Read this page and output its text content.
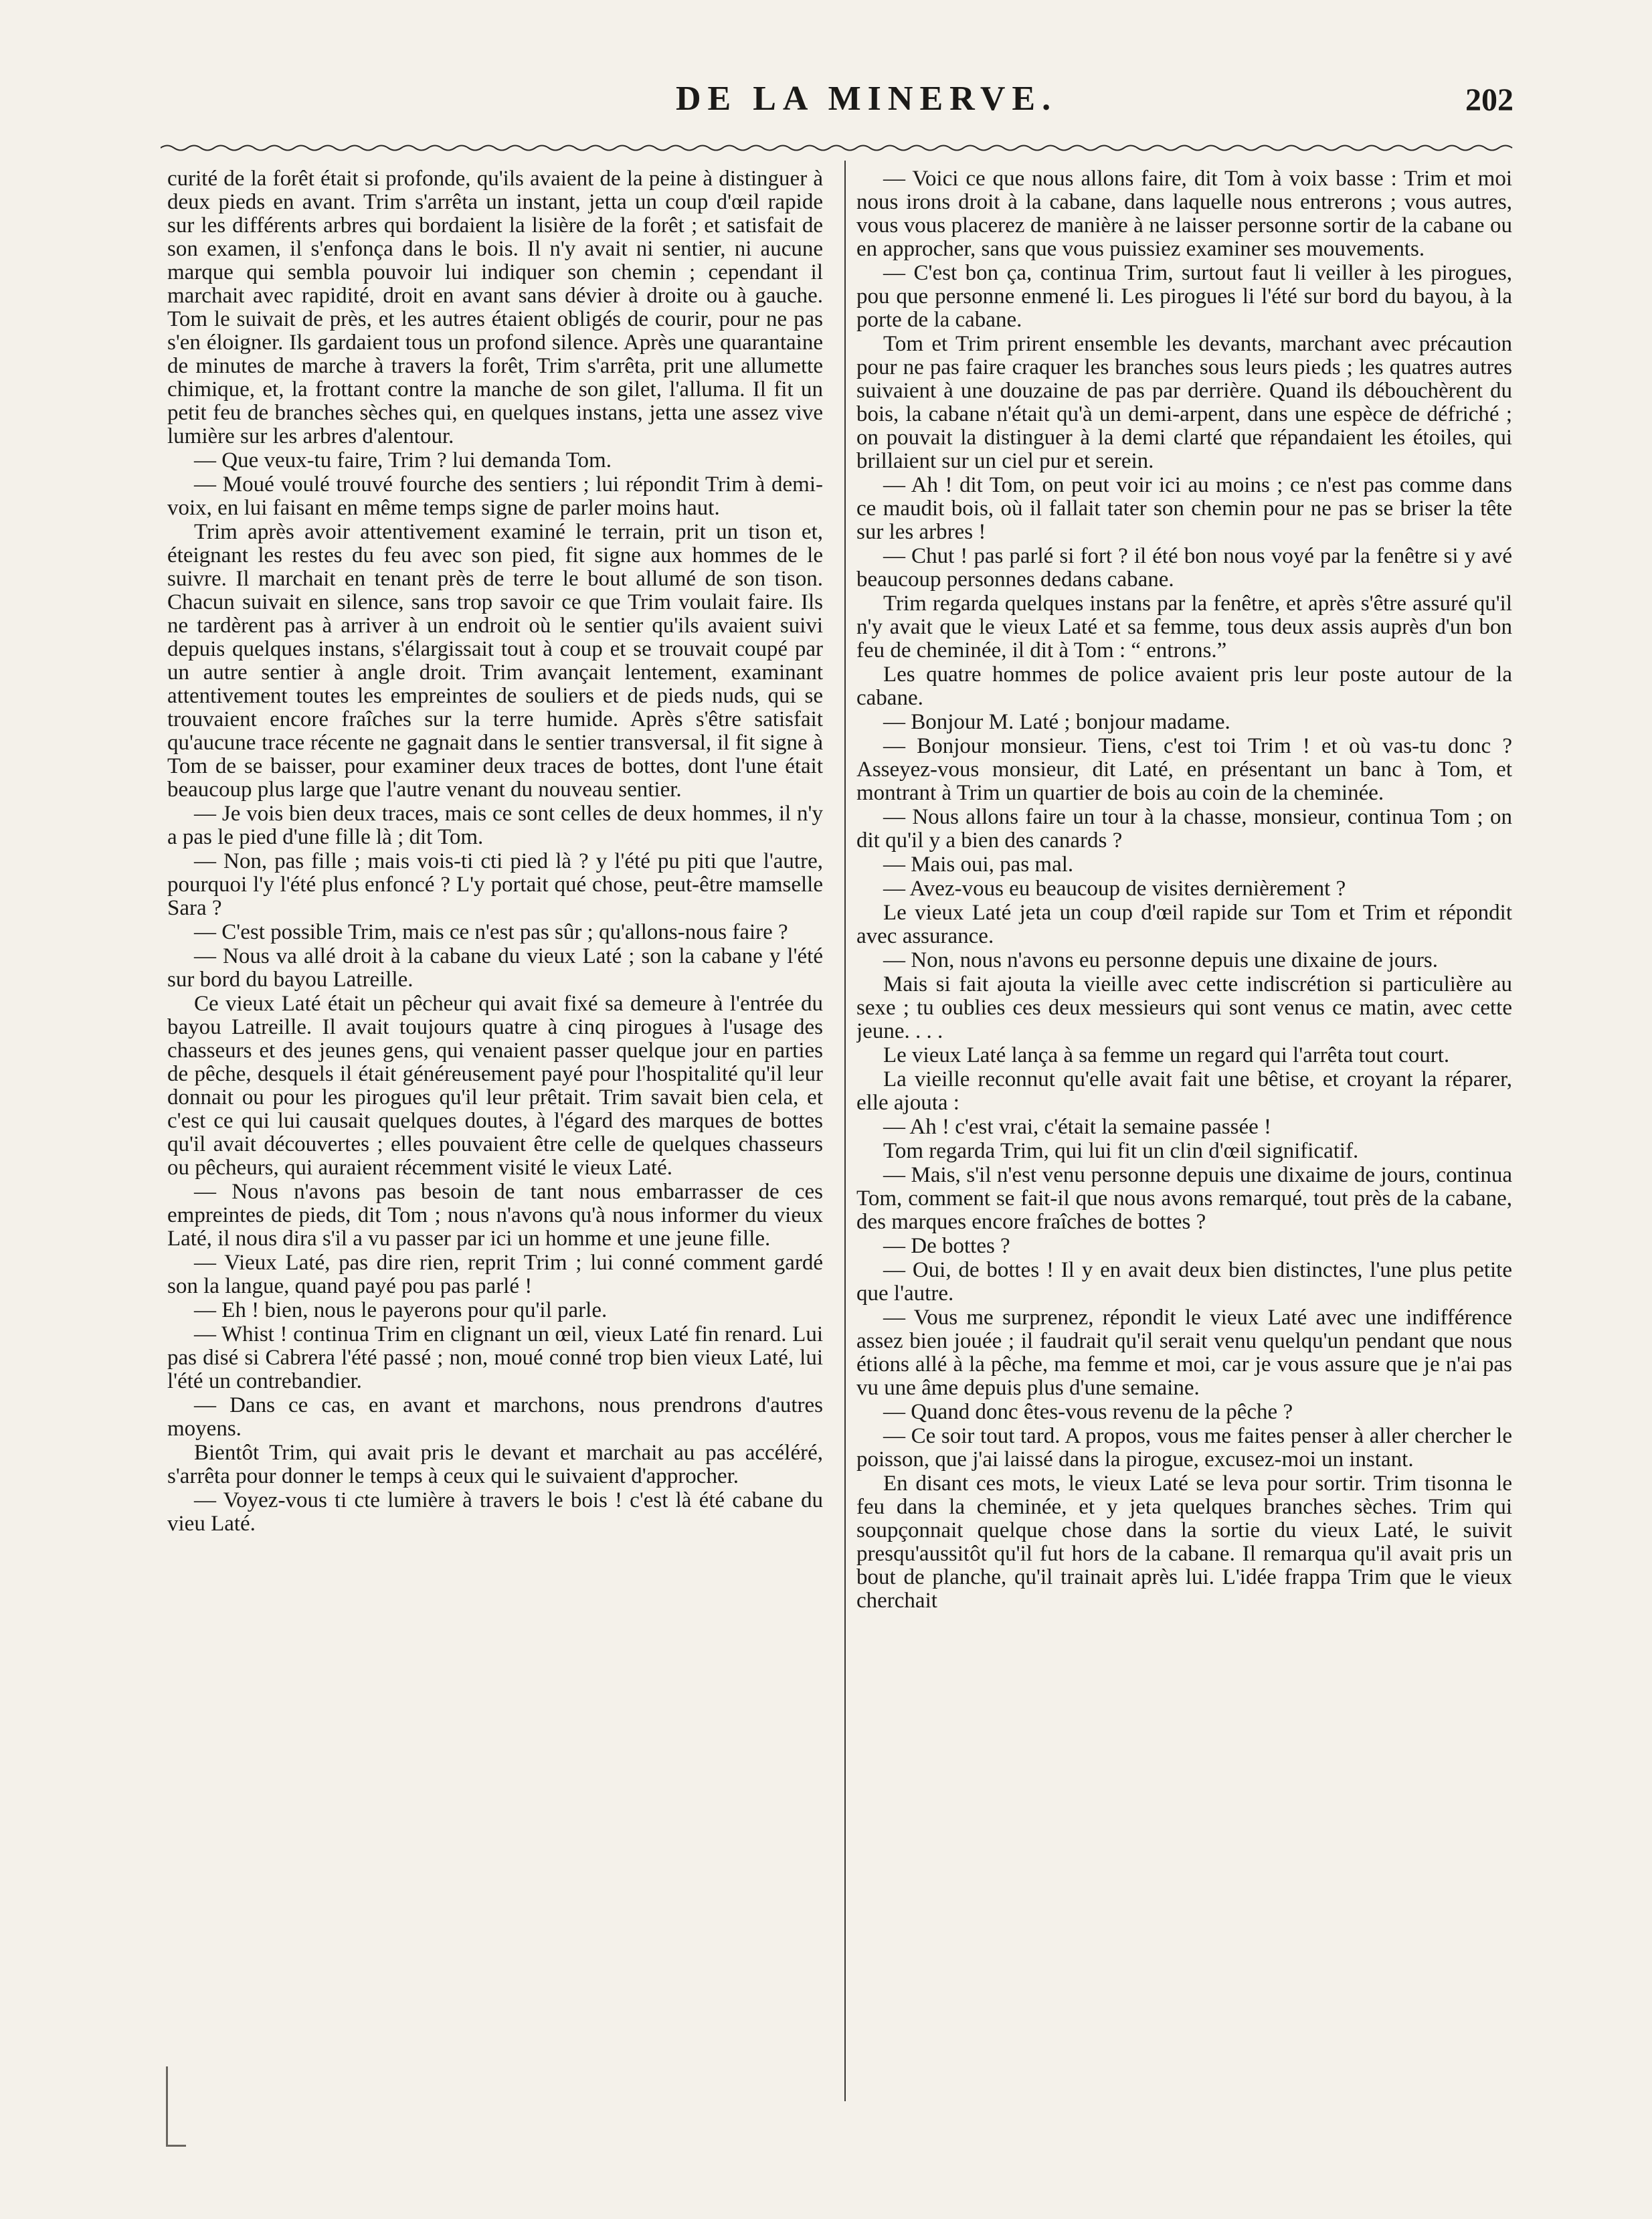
DE LA MINERVE.	202

curité de la forêt était si profonde, qu'ils avaient de la peine à distinguer à deux pieds en avant. Trim s'arrêta un instant, jetta un coup d'œil rapide sur les différents arbres qui bordaient la lisière de la forêt ; et satisfait de son examen, il s'enfonça dans le bois. Il n'y avait ni sentier, ni aucune marque qui sembla pouvoir lui indiquer son chemin ; cependant il marchait avec rapidité, droit en avant sans dévier à droite ou à gauche. Tom le suivait de près, et les autres étaient obligés de courir, pour ne pas s'en éloigner. Ils gardaient tous un profond silence. Après une quarantaine de minutes de marche à travers la forêt, Trim s'arrêta, prit une allumette chimique, et, la frottant contre la manche de son gilet, l'alluma. Il fit un petit feu de branches sèches qui, en quelques instans, jetta une assez vive lumière sur les arbres d'alentour.

— Que veux-tu faire, Trim ? lui demanda Tom.

— Moué voulé trouvé fourche des sentiers ; lui répondit Trim à demi-voix, en lui faisant en même temps signe de parler moins haut.

Trim après avoir attentivement examiné le terrain, prit un tison et, éteignant les restes du feu avec son pied, fit signe aux hommes de le suivre. Il marchait en tenant près de terre le bout allumé de son tison. Chacun suivait en silence, sans trop savoir ce que Trim voulait faire. Ils ne tardèrent pas à arriver à un endroit où le sentier qu'ils avaient suivi depuis quelques instans, s'élargissait tout à coup et se trouvait coupé par un autre sentier à angle droit. Trim avançait lentement, examinant attentivement toutes les empreintes de souliers et de pieds nuds, qui se trouvaient encore fraîches sur la terre humide. Après s'être satisfait qu'aucune trace récente ne gagnait dans le sentier transversal, il fit signe à Tom de se baisser, pour examiner deux traces de bottes, dont l'une était beaucoup plus large que l'autre venant du nouveau sentier.

— Je vois bien deux traces, mais ce sont celles de deux hommes, il n'y a pas le pied d'une fille là ; dit Tom.

— Non, pas fille ; mais vois-ti cti pied là ? y l'été pu piti que l'autre, pourquoi l'y l'été plus enfoncé ? L'y portait qué chose, peut-être mamselle Sara ?

— C'est possible Trim, mais ce n'est pas sûr ; qu'allons-nous faire ?

— Nous va allé droit à la cabane du vieux Laté ; son la cabane y l'été sur bord du bayou Latreille.

Ce vieux Laté était un pêcheur qui avait fixé sa demeure à l'entrée du bayou Latreille. Il avait toujours quatre à cinq pirogues à l'usage des chasseurs et des jeunes gens, qui venaient passer quelque jour en parties de pêche, desquels il était généreusement payé pour l'hospitalité qu'il leur donnait ou pour les pirogues qu'il leur prêtait. Trim savait bien cela, et c'est ce qui lui causait quelques doutes, à l'égard des marques de bottes qu'il avait découvertes ; elles pouvaient être celle de quelques chasseurs ou pêcheurs, qui auraient récemment visité le vieux Laté.

— Nous n'avons pas besoin de tant nous embarrasser de ces empreintes de pieds, dit Tom ; nous n'avons qu'à nous informer du vieux Laté, il nous dira s'il a vu passer par ici un homme et une jeune fille.

— Vieux Laté, pas dire rien, reprit Trim ; lui conné comment gardé son la langue, quand payé pou pas parlé !

— Eh ! bien, nous le payerons pour qu'il parle.

— Whist ! continua Trim en clignant un œil, vieux Laté fin renard. Lui pas disé si Cabrera l'été passé ; non, moué conné trop bien vieux Laté, lui l'été un contrebandier.

— Dans ce cas, en avant et marchons, nous prendrons d'autres moyens.

Bientôt Trim, qui avait pris le devant et marchait au pas accéléré, s'arrêta pour donner le temps à ceux qui le suivaient d'approcher.

— Voyez-vous ti cte lumière à travers le bois ! c'est là été cabane du vieu Laté.

— Voici ce que nous allons faire, dit Tom à voix basse : Trim et moi nous irons droit à la cabane, dans laquelle nous entrerons ; vous autres, vous vous placerez de manière à ne laisser personne sortir de la cabane ou en approcher, sans que vous puissiez examiner ses mouvements.

— C'est bon ça, continua Trim, surtout faut li veiller à les pirogues, pou que personne enmené li. Les pirogues li l'été sur bord du bayou, à la porte de la cabane.

Tom et Trim prirent ensemble les devants, marchant avec précaution pour ne pas faire craquer les branches sous leurs pieds ; les quatres autres suivaient à une douzaine de pas par derrière. Quand ils débouchèrent du bois, la cabane n'était qu'à un demi-arpent, dans une espèce de défriché ; on pouvait la distinguer à la demi clarté que répandaient les étoiles, qui brillaient sur un ciel pur et serein.

— Ah ! dit Tom, on peut voir ici au moins ; ce n'est pas comme dans ce maudit bois, où il fallait tater son chemin pour ne pas se briser la tête sur les arbres !

— Chut ! pas parlé si fort ? il été bon nous voyé par la fenêtre si y avé beaucoup personnes dedans cabane.

Trim regarda quelques instans par la fenêtre, et après s'être assuré qu'il n'y avait que le vieux Laté et sa femme, tous deux assis auprès d'un bon feu de cheminée, il dit à Tom : “ entrons.”

Les quatre hommes de police avaient pris leur poste autour de la cabane.

— Bonjour M. Laté ; bonjour madame.

— Bonjour monsieur. Tiens, c'est toi Trim ! et où vas-tu donc ? Asseyez-vous monsieur, dit Laté, en présentant un banc à Tom, et montrant à Trim un quartier de bois au coin de la cheminée.

— Nous allons faire un tour à la chasse, monsieur, continua Tom ; on dit qu'il y a bien des canards ?

— Mais oui, pas mal.

— Avez-vous eu beaucoup de visites dernièrement ?

Le vieux Laté jeta un coup d'œil rapide sur Tom et Trim et répondit avec assurance.

— Non, nous n'avons eu personne depuis une dixaine de jours.

Mais si fait ajouta la vieille avec cette indiscrétion si particulière au sexe ; tu oublies ces deux messieurs qui sont venus ce matin, avec cette jeune. . . .

Le vieux Laté lança à sa femme un regard qui l'arrêta tout court.

La vieille reconnut qu'elle avait fait une bêtise, et croyant la réparer, elle ajouta :

— Ah ! c'est vrai, c'était la semaine passée !

Tom regarda Trim, qui lui fit un clin d'œil significatif.

— Mais, s'il n'est venu personne depuis une dixaime de jours, continua Tom, comment se fait-il que nous avons remarqué, tout près de la cabane, des marques encore fraîches de bottes ?

— De bottes ?

— Oui, de bottes ! Il y en avait deux bien distinctes, l'une plus petite que l'autre.

— Vous me surprenez, répondit le vieux Laté avec une indifférence assez bien jouée ; il faudrait qu'il serait venu quelqu'un pendant que nous étions allé à la pêche, ma femme et moi, car je vous assure que je n'ai pas vu une âme depuis plus d'une semaine.

— Quand donc êtes-vous revenu de la pêche ?

— Ce soir tout tard. A propos, vous me faites penser à aller chercher le poisson, que j'ai laissé dans la pirogue, excusez-moi un instant.

En disant ces mots, le vieux Laté se leva pour sortir. Trim tisonna le feu dans la cheminée, et y jeta quelques branches sèches. Trim qui soupçonnait quelque chose dans la sortie du vieux Laté, le suivit presqu'aussitôt qu'il fut hors de la cabane. Il remarqua qu'il avait pris un bout de planche, qu'il trainait après lui. L'idée frappa Trim que le vieux cherchait
